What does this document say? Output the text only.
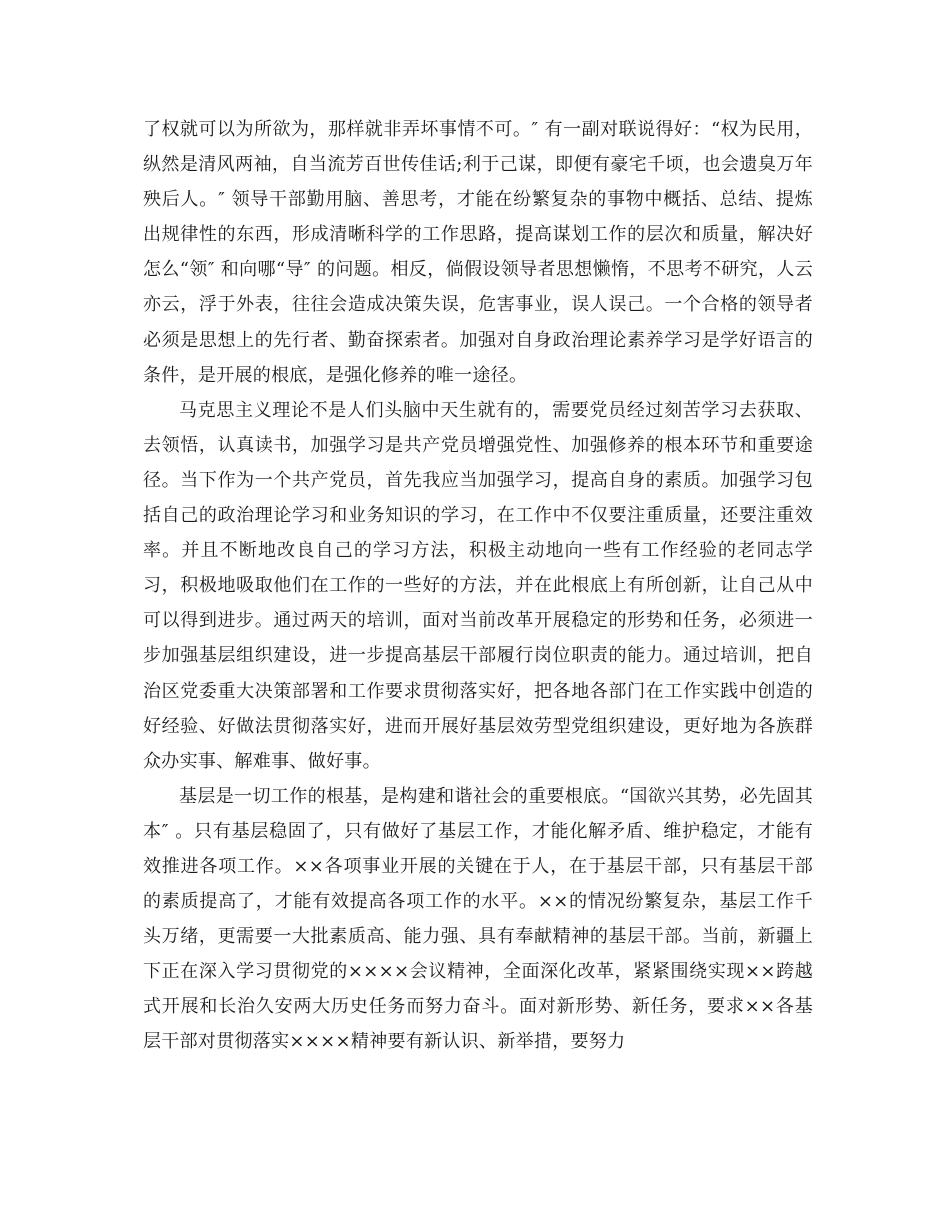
了权就可以为所欲为，那样就非弄坏事情不可。″ 有一副对联说得好：“权为民用，纵然是清风两袖，自当流芳百世传佳话;利于己谋，即便有豪宅千顷，也会遗臭万年殃后人。″ 领导干部勤用脑、善思考，才能在纷繁复杂的事物中概括、总结、提炼出规律性的东西，形成清晰科学的工作思路，提高谋划工作的层次和质量，解决好怎么“领″ 和向哪“导″ 的问题。相反，倘假设领导者思想懒惰，不思考不研究，人云亦云，浮于外表，往往会造成决策失误，危害事业，误人误己。一个合格的领导者必须是思想上的先行者、勤奋探索者。加强对自身政治理论素养学习是学好语言的条件，是开展的根底，是强化修养的唯一途径。

马克思主义理论不是人们头脑中天生就有的，需要党员经过刻苦学习去获取、去领悟，认真读书，加强学习是共产党员增强党性、加强修养的根本环节和重要途径。当下作为一个共产党员，首先我应当加强学习，提高自身的素质。加强学习包括自己的政治理论学习和业务知识的学习，在工作中不仅要注重质量，还要注重效率。并且不断地改良自己的学习方法，积极主动地向一些有工作经验的老同志学习，积极地吸取他们在工作的一些好的方法，并在此根底上有所创新，让自己从中可以得到进步。通过两天的培训，面对当前改革开展稳定的形势和任务，必须进一步加强基层组织建设，进一步提高基层干部履行岗位职责的能力。通过培训，把自治区党委重大决策部署和工作要求贯彻落实好，把各地各部门在工作实践中创造的好经验、好做法贯彻落实好，进而开展好基层效劳型党组织建设，更好地为各族群众办实事、解难事、做好事。

基层是一切工作的根基，是构建和谐社会的重要根底。“国欲兴其势，必先固其本″ 。只有基层稳固了，只有做好了基层工作，才能化解矛盾、维护稳定，才能有效推进各项工作。××各项事业开展的关键在于人，在于基层干部，只有基层干部的素质提高了，才能有效提高各项工作的水平。××的情况纷繁复杂，基层工作千头万绪，更需要一大批素质高、能力强、具有奉献精神的基层干部。当前，新疆上下正在深入学习贯彻党的××××会议精神，全面深化改革，紧紧围绕实现××跨越式开展和长治久安两大历史任务而努力奋斗。面对新形势、新任务，要求××各基层干部对贯彻落实××××精神要有新认识、新举措，要努力
